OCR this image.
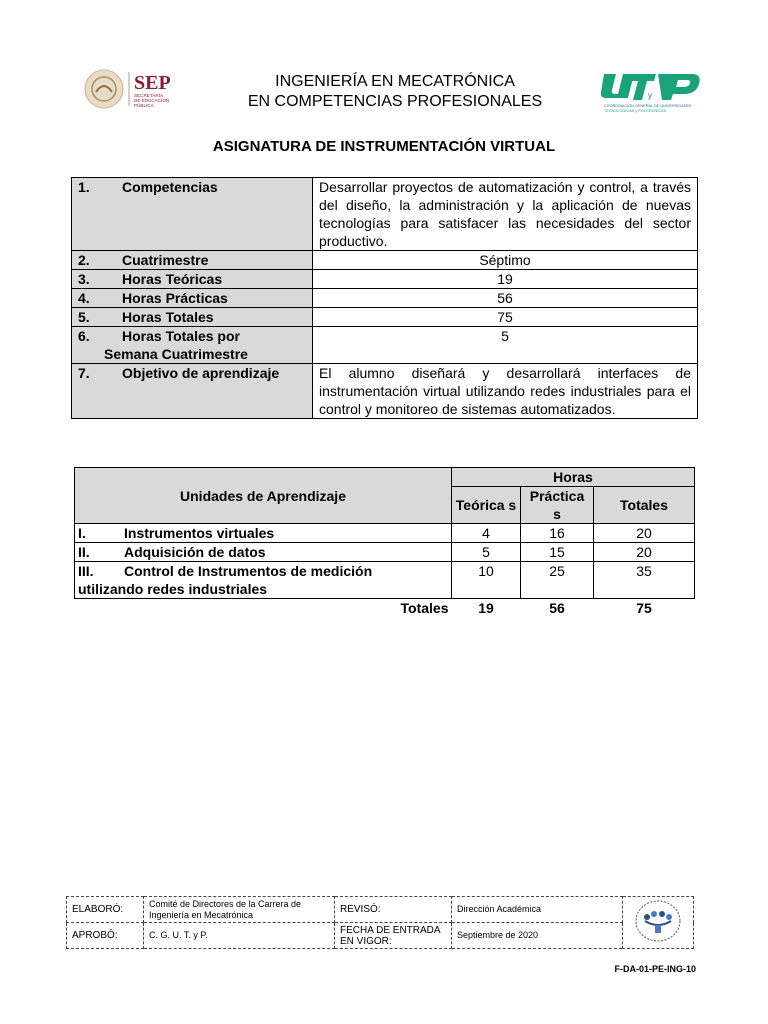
SEP
SECRETARÍA
DE EDUCACIÓN
PÚBLICA
INGENIERÍA EN MECATRÓNICA
EN COMPETENCIAS PROFESIONALES	y
COORDINACIÓN GENERAL DE UNIVERSIDADES
TECNOLÓGICAS y POLITÉCNICAS
ASIGNATURA DE INSTRUMENTACIÓN VIRTUAL
1. Competencias	Desarrollar proyectos de automatización y control, a través del diseño, la administración y la aplicación de nuevas tecnologías para satisfacer las necesidades del sector productivo.
2. Cuatrimestre	Séptimo
3. Horas Teóricas	19
4. Horas Prácticas	56
5. Horas Totales	75
6. Horas Totales por
Semana Cuatrimestre	5
7. Objetivo de aprendizaje	El alumno diseñará y desarrollará interfaces de instrumentación virtual utilizando redes industriales para el control y monitoreo de sistemas automatizados.
Unidades de Aprendizaje	Horas		
	Teórica s	Práctica s	Totales
I. Instrumentos virtuales	4	16	20
II. Adquisición de datos	5	15	20
III. Control de Instrumentos de medición
utilizando redes industriales	10	25	35
Totales	19	56	75
ELABORÓ:	Comité de Directores de la Carrera de Ingeniería en Mecatrónica	REVISÓ:	Dirección Académica	
APROBÓ:	C. G. U. T. y P.	FECHA DE ENTRADA EN VIGOR:	Septiembre de 2020	
F-DA-01-PE-ING-10
